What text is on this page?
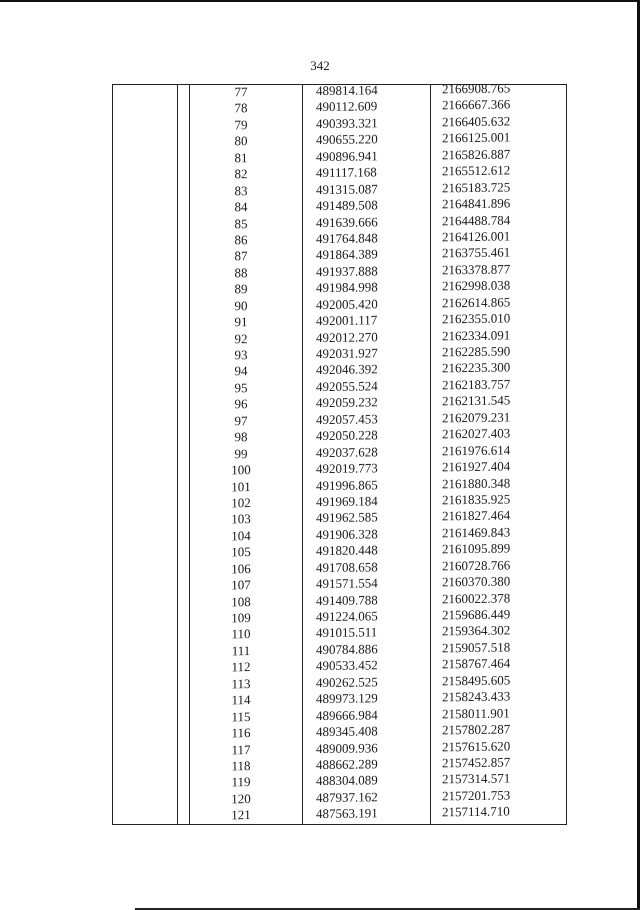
342
77	489814.164	2166908.765
78	490112.609	2166667.366
79	490393.321	2166405.632
80	490655.220	2166125.001
81	490896.941	2165826.887
82	491117.168	2165512.612
83	491315.087	2165183.725
84	491489.508	2164841.896
85	491639.666	2164488.784
86	491764.848	2164126.001
87	491864.389	2163755.461
88	491937.888	2163378.877
89	491984.998	2162998.038
90	492005.420	2162614.865
91	492001.117	2162355.010
92	492012.270	2162334.091
93	492031.927	2162285.590
94	492046.392	2162235.300
95	492055.524	2162183.757
96	492059.232	2162131.545
97	492057.453	2162079.231
98	492050.228	2162027.403
99	492037.628	2161976.614
100	492019.773	2161927.404
101	491996.865	2161880.348
102	491969.184	2161835.925
103	491962.585	2161827.464
104	491906.328	2161469.843
105	491820.448	2161095.899
106	491708.658	2160728.766
107	491571.554	2160370.380
108	491409.788	2160022.378
109	491224.065	2159686.449
110	491015.511	2159364.302
111	490784.886	2159057.518
112	490533.452	2158767.464
113	490262.525	2158495.605
114	489973.129	2158243.433
115	489666.984	2158011.901
116	489345.408	2157802.287
117	489009.936	2157615.620
118	488662.289	2157452.857
119	488304.089	2157314.571
120	487937.162	2157201.753
121	487563.191	2157114.710
